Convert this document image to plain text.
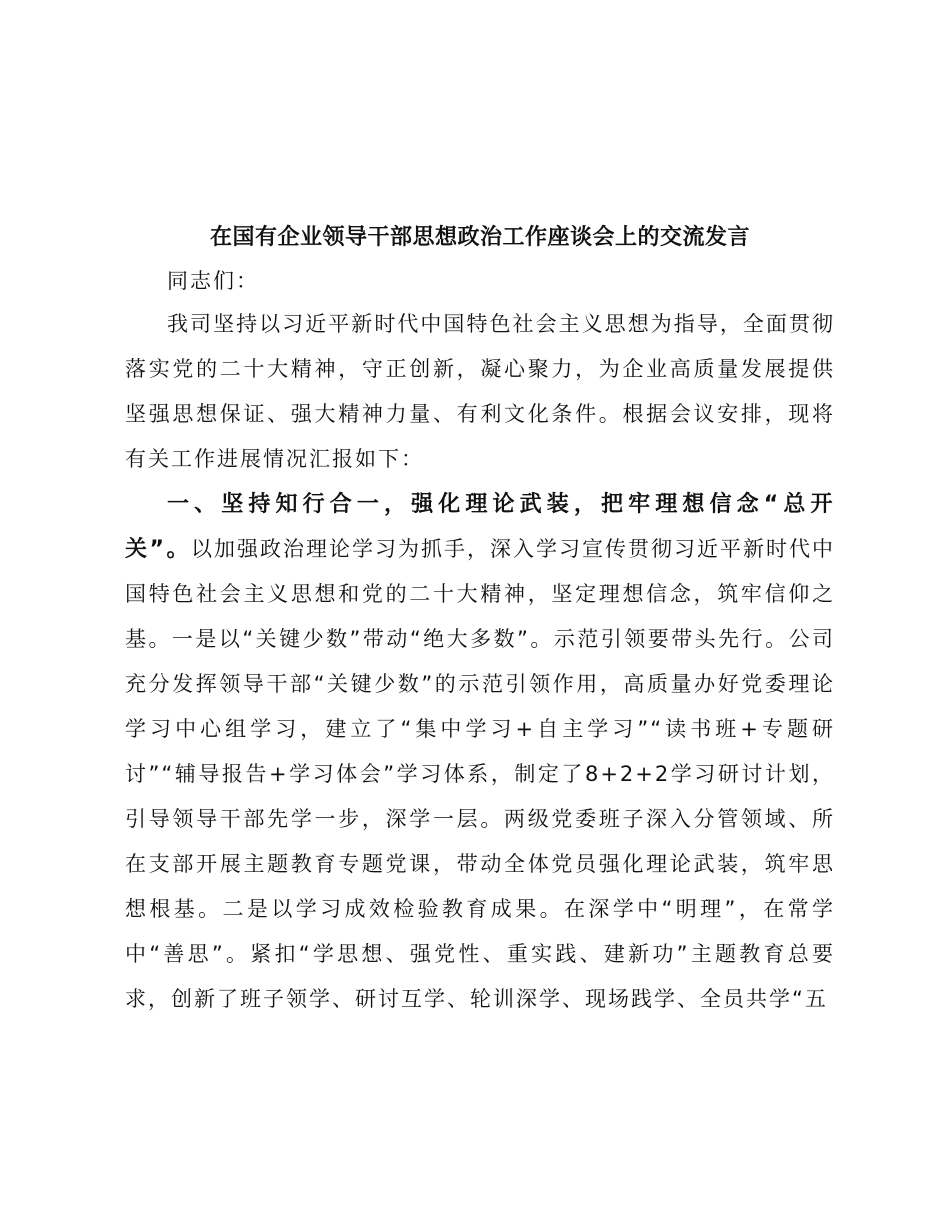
在国有企业领导干部思想政治工作座谈会上的交流发言

同志们：

我司坚持以习近平新时代中国特色社会主义思想为指导，全面贯彻落实党的二十大精神，守正创新，凝心聚力，为企业高质量发展提供坚强思想保证、强大精神力量、有利文化条件。根据会议安排，现将有关工作进展情况汇报如下：

一、坚持知行合一，强化理论武装，把牢理想信念“总开关”。以加强政治理论学习为抓手，深入学习宣传贯彻习近平新时代中国特色社会主义思想和党的二十大精神，坚定理想信念，筑牢信仰之基。一是以“关键少数”带动“绝大多数”。示范引领要带头先行。公司充分发挥领导干部“关键少数”的示范引领作用，高质量办好党委理论学习中心组学习，建立了“集中学习+自主学习”“读书班+专题研讨”“辅导报告+学习体会”学习体系，制定了8+2+2学习研讨计划，引导领导干部先学一步，深学一层。两级党委班子深入分管领域、所在支部开展主题教育专题党课，带动全体党员强化理论武装，筑牢思想根基。二是以学习成效检验教育成果。在深学中“明理”，在常学中“善思”。紧扣“学思想、强党性、重实践、建新功”主题教育总要求，创新了班子领学、研讨互学、轮训深学、现场践学、全员共学“五
